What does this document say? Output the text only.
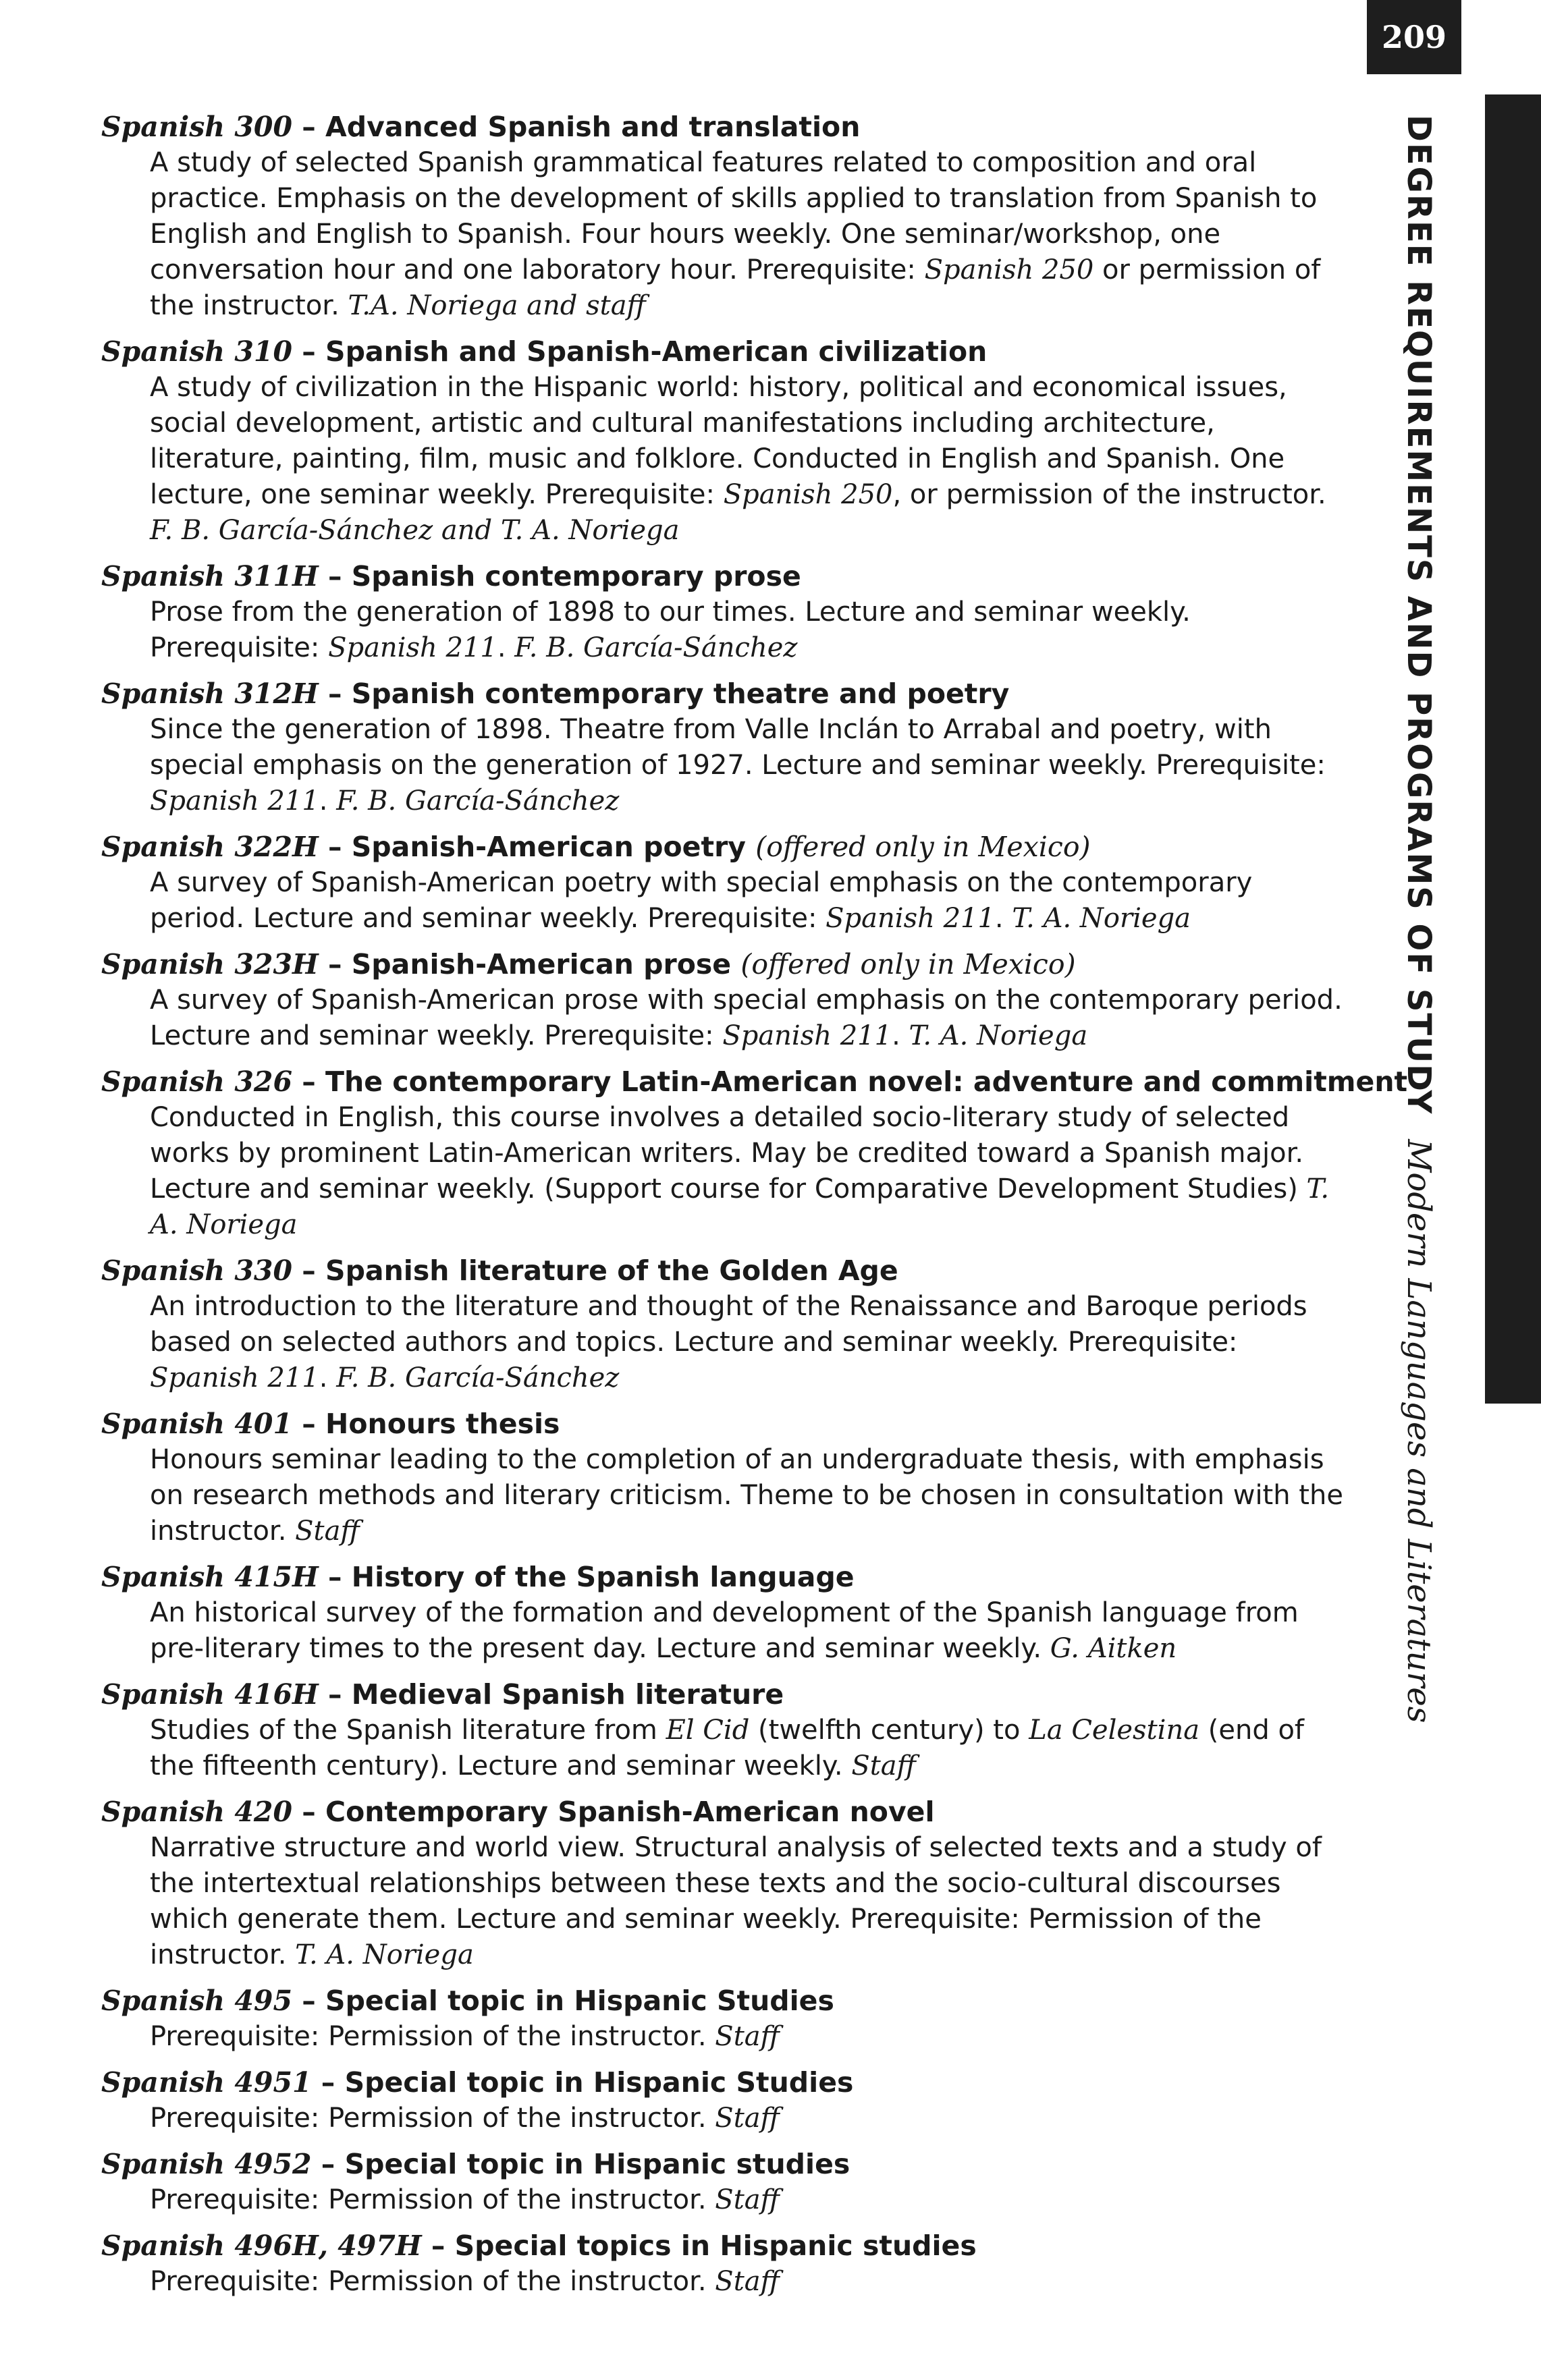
209
DEGREE REQUIREMENTS AND PROGRAMS OF STUDYModern Languages and Literatures
Spanish 300 – Advanced Spanish and translation
A study of selected Spanish grammatical features related to composition and oral practice. Emphasis on the development of skills applied to translation from Spanish to English and English to Spanish. Four hours weekly. One seminar/workshop, one conversation hour and one laboratory hour. Prerequisite: Spanish 250 or permission of the instructor. T.A. Noriega and staff
Spanish 310 – Spanish and Spanish-American civilization
A study of civilization in the Hispanic world: history, political and economical issues, social development, artistic and cultural manifestations including architecture, literature, painting, film, music and folklore. Conducted in English and Spanish. One lecture, one seminar weekly. Prerequisite: Spanish 250, or permission of the instructor. F. B. García-Sánchez and T. A. Noriega
Spanish 311H – Spanish contemporary prose
Prose from the generation of 1898 to our times. Lecture and seminar weekly. Prerequisite: Spanish 211. F. B. García-Sánchez
Spanish 312H – Spanish contemporary theatre and poetry
Since the generation of 1898. Theatre from Valle Inclán to Arrabal and poetry, with special emphasis on the generation of 1927. Lecture and seminar weekly. Prerequisite: Spanish 211. F. B. García-Sánchez
Spanish 322H – Spanish-American poetry (offered only in Mexico)
A survey of Spanish-American poetry with special emphasis on the contemporary period. Lecture and seminar weekly. Prerequisite: Spanish 211. T. A. Noriega
Spanish 323H – Spanish-American prose (offered only in Mexico)
A survey of Spanish-American prose with special emphasis on the contemporary period. Lecture and seminar weekly. Prerequisite: Spanish 211. T. A. Noriega
Spanish 326 – The contemporary Latin-American novel: adventure and commitment
Conducted in English, this course involves a detailed socio-literary study of selected works by prominent Latin-American writers. May be credited toward a Spanish major. Lecture and seminar weekly. (Support course for Comparative Development Studies) T. A. Noriega
Spanish 330 – Spanish literature of the Golden Age
An introduction to the literature and thought of the Renaissance and Baroque periods based on selected authors and topics. Lecture and seminar weekly. Prerequisite: Spanish 211. F. B. García-Sánchez
Spanish 401 – Honours thesis
Honours seminar leading to the completion of an undergraduate thesis, with emphasis on research methods and literary criticism. Theme to be chosen in consultation with the instructor. Staff
Spanish 415H – History of the Spanish language
An historical survey of the formation and development of the Spanish language from pre-literary times to the present day. Lecture and seminar weekly. G. Aitken
Spanish 416H – Medieval Spanish literature
Studies of the Spanish literature from El Cid (twelfth century) to La Celestina (end of the fifteenth century). Lecture and seminar weekly. Staff
Spanish 420 – Contemporary Spanish-American novel
Narrative structure and world view. Structural analysis of selected texts and a study of the intertextual relationships between these texts and the socio-cultural discourses which generate them. Lecture and seminar weekly. Prerequisite: Permission of the instructor. T. A. Noriega
Spanish 495 – Special topic in Hispanic Studies
Prerequisite: Permission of the instructor. Staff
Spanish 4951 – Special topic in Hispanic Studies
Prerequisite: Permission of the instructor. Staff
Spanish 4952 – Special topic in Hispanic studies
Prerequisite: Permission of the instructor. Staff
Spanish 496H, 497H – Special topics in Hispanic studies
Prerequisite: Permission of the instructor. Staff
